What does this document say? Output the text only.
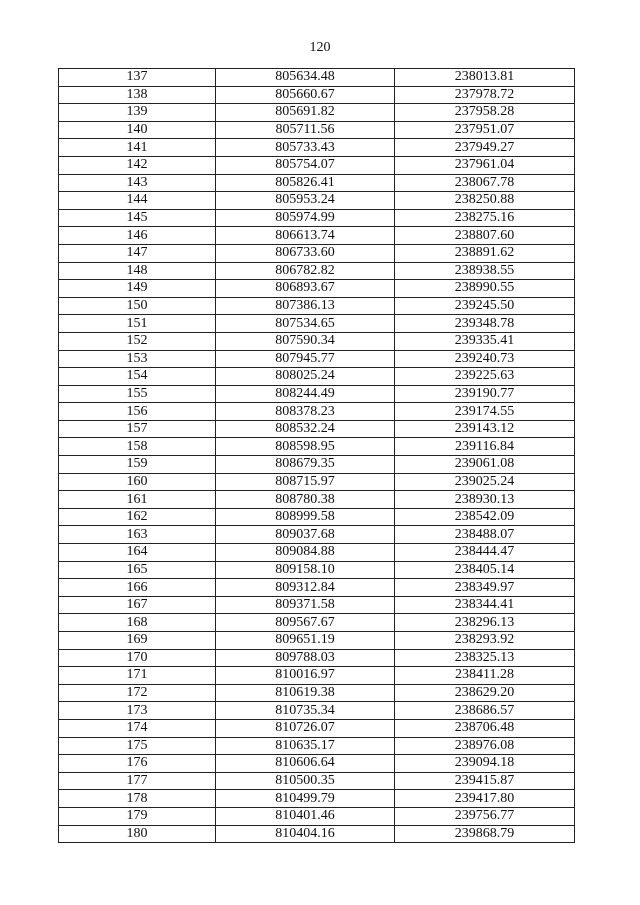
120
137	805634.48	238013.81
138	805660.67	237978.72
139	805691.82	237958.28
140	805711.56	237951.07
141	805733.43	237949.27
142	805754.07	237961.04
143	805826.41	238067.78
144	805953.24	238250.88
145	805974.99	238275.16
146	806613.74	238807.60
147	806733.60	238891.62
148	806782.82	238938.55
149	806893.67	238990.55
150	807386.13	239245.50
151	807534.65	239348.78
152	807590.34	239335.41
153	807945.77	239240.73
154	808025.24	239225.63
155	808244.49	239190.77
156	808378.23	239174.55
157	808532.24	239143.12
158	808598.95	239116.84
159	808679.35	239061.08
160	808715.97	239025.24
161	808780.38	238930.13
162	808999.58	238542.09
163	809037.68	238488.07
164	809084.88	238444.47
165	809158.10	238405.14
166	809312.84	238349.97
167	809371.58	238344.41
168	809567.67	238296.13
169	809651.19	238293.92
170	809788.03	238325.13
171	810016.97	238411.28
172	810619.38	238629.20
173	810735.34	238686.57
174	810726.07	238706.48
175	810635.17	238976.08
176	810606.64	239094.18
177	810500.35	239415.87
178	810499.79	239417.80
179	810401.46	239756.77
180	810404.16	239868.79
